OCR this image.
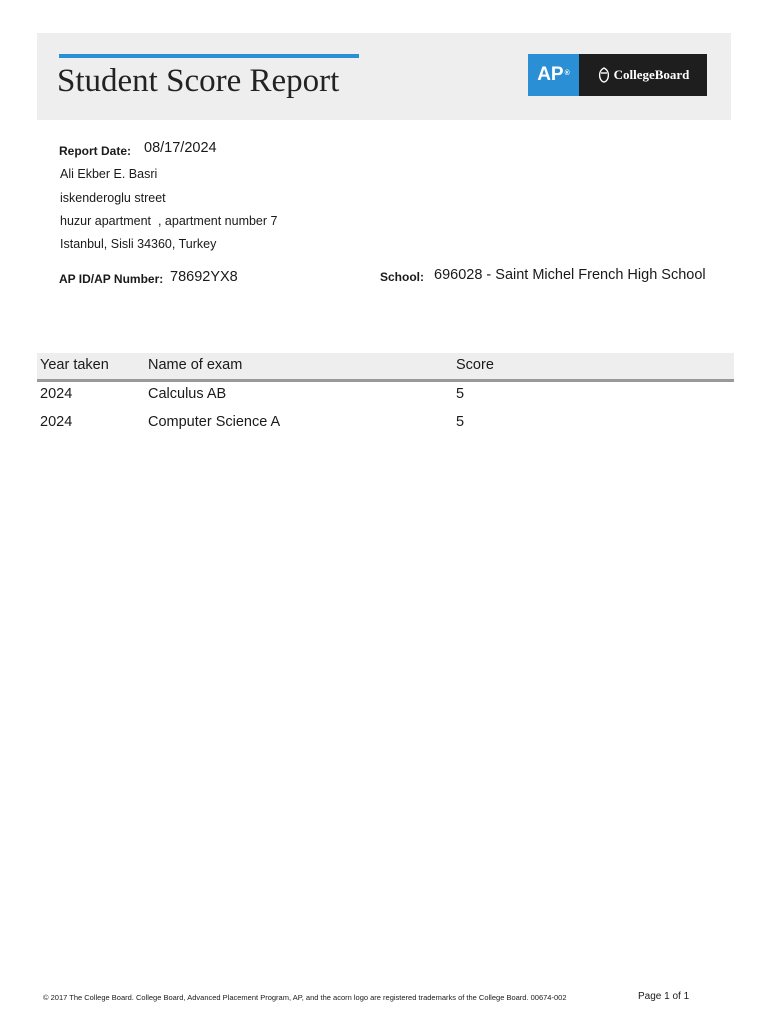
Student Score Report	AP®	CollegeBoard
Report Date: 08/17/2024
Ali Ekber E. Basri
iskenderoglu street
huzur apartment  , apartment number 7
Istanbul, Sisli 34360, Turkey
AP ID/AP Number: 78692YX8	School: 696028 - Saint Michel French High School
Year taken	Name of exam	Score
2024	Calculus AB	5
2024	Computer Science A	5
© 2017 The College Board. College Board, Advanced Placement Program, AP, and the acorn logo are registered trademarks of the College Board. 00674-002	Page 1 of 1
